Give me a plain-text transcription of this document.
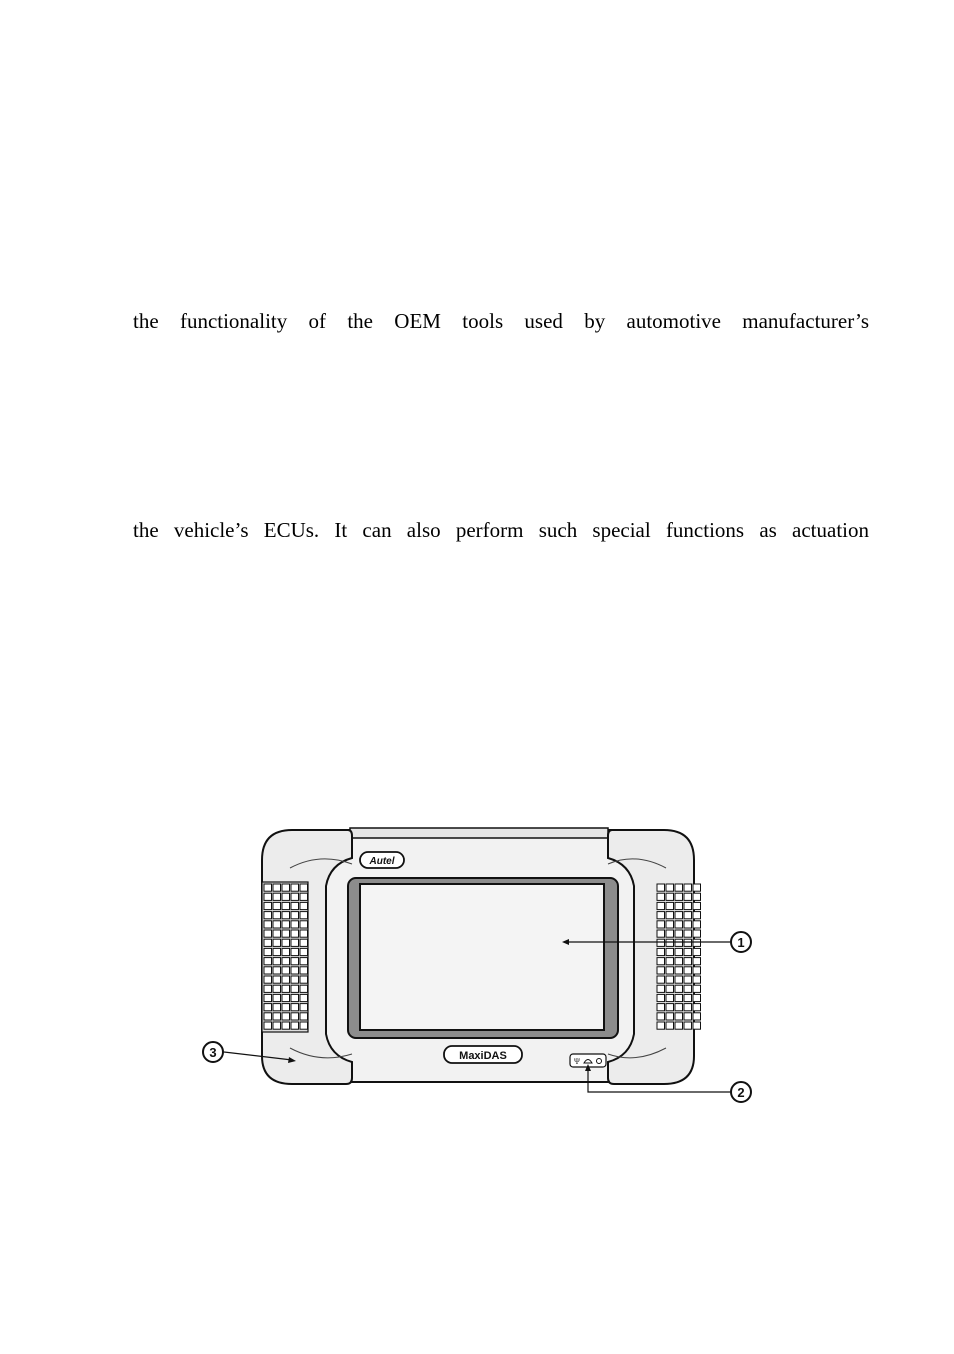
the functionality of the OEM tools used by automotive manufacturer’s
the vehicle’s ECUs. It can also perform such special functions as actuation
Autel
MaxiDAS	Ψ
1
2
3
